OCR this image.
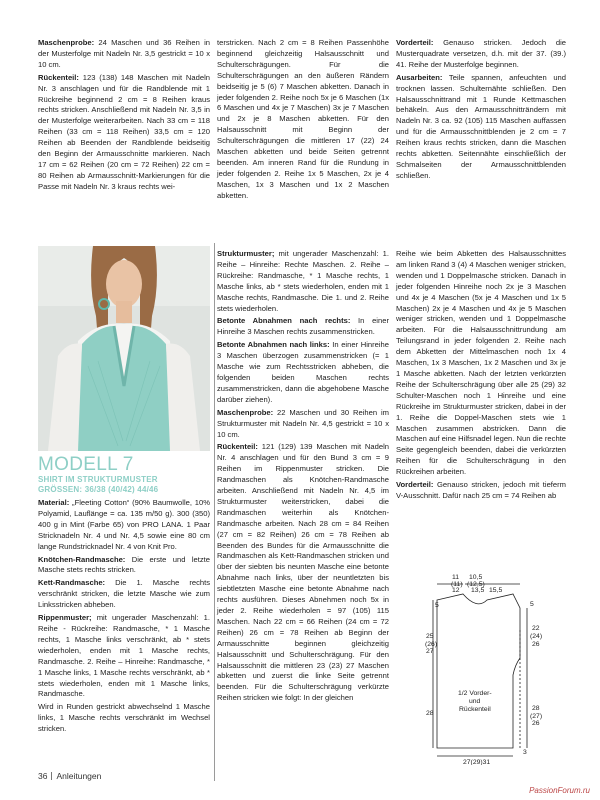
Maschenprobe: 24 Maschen und 36 Reihen in der Musterfolge mit Nadeln Nr. 3,5 gestrickt = 10 x 10 cm.

Rückenteil: 123 (138) 148 Maschen mit Nadeln Nr. 3 anschlagen und für die Randblende mit 1 Rückreihe beginnend 2 cm = 8 Reihen kraus rechts stricken. Anschließend mit Nadeln Nr. 3,5 in der Musterfolge weiterarbeiten. Nach 33 cm = 118 Reihen (33 cm = 118 Reihen) 33,5 cm = 120 Reihen ab Beenden der Randblende beidseitig den Beginn der Armausschnitte markieren. Nach 17 cm = 62 Reihen (20 cm = 72 Reihen) 22 cm = 80 Reihen ab Armausschnitt-Markierungen für die Passe mit Nadeln Nr. 3 kraus rechts wei-

terstricken. Nach 2 cm = 8 Reihen Passenhöhe beginnend gleichzeitig Halsausschnitt und Schulterschrägungen. Für die Schulterschrägungen an den äußeren Rändern beidseitig je 5 (6) 7 Maschen abketten. Danach in jeder folgenden 2. Reihe noch 5x je 6 Maschen (1x 6 Maschen und 4x je 7 Maschen) 3x je 7 Maschen und 2x je 8 Maschen abketten. Für den Halsausschnitt mit Beginn der Schulterschrägungen die mittleren 17 (22) 24 Maschen abketten und beide Seiten getrennt beenden. Am inneren Rand für die Rundung in jeder folgenden 2. Reihe 1x 5 Maschen, 2x je 4 Maschen, 1x 3 Maschen und 1x 2 Maschen abketten.

Vorderteil: Genauso stricken. Jedoch die Musterquadrate versetzen, d.h. mit der 37. (39.) 41. Reihe der Musterfolge beginnen.

Ausarbeiten: Teile spannen, anfeuchten und trocknen lassen. Schulternähte schließen. Den Halsausschnittrand mit 1 Runde Kettmaschen behäkeln. Aus den Armausschnitträndern mit Nadeln Nr. 3 ca. 92 (105) 115 Maschen auffassen und für die Armausschnittblenden je 2 cm = 7 Reihen kraus rechts stricken, dann die Maschen rechts abketten. Seitennähte einschließlich der Schmalseiten der Armausschnittblenden schließen.

MODELL 7
SHIRT IM STRUKTURMUSTER
GRÖSSEN: 36/38 (40/42) 44/46

Material: „Fleeting Cotton“ (90% Baumwolle, 10% Polyamid, Lauflänge = ca. 135 m/50 g). 300 (350) 400 g in Mint (Farbe 65) von PRO LANA. 1 Paar Stricknadeln Nr. 4 und Nr. 4,5 sowie eine 80 cm lange Rundstricknadel Nr. 4 von Knit Pro.

Knötchen-Randmasche: Die erste und letzte Masche stets rechts stricken.

Kett-Randmasche: Die 1. Masche rechts verschränkt stricken, die letzte Masche wie zum Linksstricken abheben.

Rippenmuster; mit ungerader Maschenzahl: 1. Reihe - Rückreihe: Randmasche, * 1 Masche rechts, 1 Masche links verschränkt, ab * stets wiederholen, enden mit 1 Masche rechts, Randmasche. 2. Reihe – Hinreihe: Randmasche, * 1 Masche links, 1 Masche rechts verschränkt, ab * stets wiederholen, enden mit 1 Masche links, Randmasche.

Wird in Runden gestrickt abwechselnd 1 Masche links, 1 Masche rechts verschränkt im Wechsel stricken.

Strukturmuster; mit ungerader Maschenzahl: 1. Reihe – Hinreihe: Rechte Maschen. 2. Reihe – Rückreihe: Randmasche, * 1 Masche rechts, 1 Masche links, ab * stets wiederholen, enden mit 1 Masche rechts, Randmasche. Die 1. und 2. Reihe stets wiederholen.

Betonte Abnahmen nach rechts: In einer Hinreihe 3 Maschen rechts zusammenstricken.

Betonte Abnahmen nach links: In einer Hinreihe 3 Maschen überzogen zusammenstricken (= 1 Masche wie zum Rechtsstricken abheben, die folgenden beiden Maschen rechts zusammenstricken, dann die abgehobene Masche darüber ziehen).

Maschenprobe: 22 Maschen und 30 Reihen im Strukturmuster mit Nadeln Nr. 4,5 gestrickt = 10 x 10 cm.

Rückenteil: 121 (129) 139 Maschen mit Nadeln Nr. 4 anschlagen und für den Bund 3 cm = 9 Reihen im Rippenmuster stricken. Die Randmaschen als Knötchen-Randmasche arbeiten. Anschließend mit Nadeln Nr. 4,5 im Strukturmuster weiterstricken, dabei die Randmaschen weiterhin als Knötchen-Randmasche arbeiten. Nach 28 cm = 84 Reihen (27 cm = 82 Reihen) 26 cm = 78 Reihen ab Beenden des Bundes für die Armausschnitte die Randmaschen als Kett-Randmaschen stricken und über der siebten bis neunten Masche eine betonte Abnahme nach links, über der neuntletzten bis siebtletzten Masche eine betonte Abnahme nach rechts ausführen. Dieses Abnehmen noch 5x in jeder 2. Reihe wiederholen = 97 (105) 115 Maschen. Nach 22 cm = 66 Reihen (24 cm = 72 Reihen) 26 cm = 78 Reihen ab Beginn der Armausschnitte beginnen gleichzeitig Halsausschnitt und Schulterschrägung. Für den Halsausschnitt die mittleren 23 (23) 27 Maschen abketten und zuerst die linke Seite getrennt beenden. Für die Schulterschrägung verkürzte Reihen stricken wie folgt: In der gleichen

Reihe wie beim Abketten des Halsausschnittes am linken Rand 3 (4) 4 Maschen weniger stricken, wenden und 1 Doppelmasche stricken. Danach in jeder folgenden Hinreihe noch 2x je 3 Maschen und 4x je 4 Maschen (5x je 4 Maschen und 1x 5 Maschen) 2x je 4 Maschen und 4x je 5 Maschen weniger stricken, wenden und 1 Doppelmasche arbeiten. Für die Halsausschnittrundung am Teilungsrand in jeder folgenden 2. Reihe nach dem Abketten der Mittelmaschen noch 1x 4 Maschen, 1x 3 Maschen, 1x 2 Maschen und 3x je 1 Masche abketten. Nach der letzten verkürzten Reihe der Schulterschrägung über alle 25 (29) 32 Schulter-Maschen noch 1 Hinreihe und eine Rückreihe im Strukturmuster stricken, dabei in der 1. Reihe die Doppel-Maschen stets wie 1 Maschen zusammen abstricken. Dann die Maschen auf eine Hilfsnadel legen. Nun die rechte Seite gegengleich beenden, dabei die verkürzten Reihen für die Schulterschrägung in den Rückreihen arbeiten.

Vorderteil: Genauso stricken, jedoch mit tieferm V-Ausschnitt. Dafür nach 25 cm = 74 Reihen ab

11
(11)
12
10,5
(12,5)
13,5 15,5
5	5
25
(26)
27
22
(24)
26
28
28
(27)
26
1/2 Vorder-
und
Rückenteil
27(29)31
3
36 Anleitungen
PassionForum.ru
